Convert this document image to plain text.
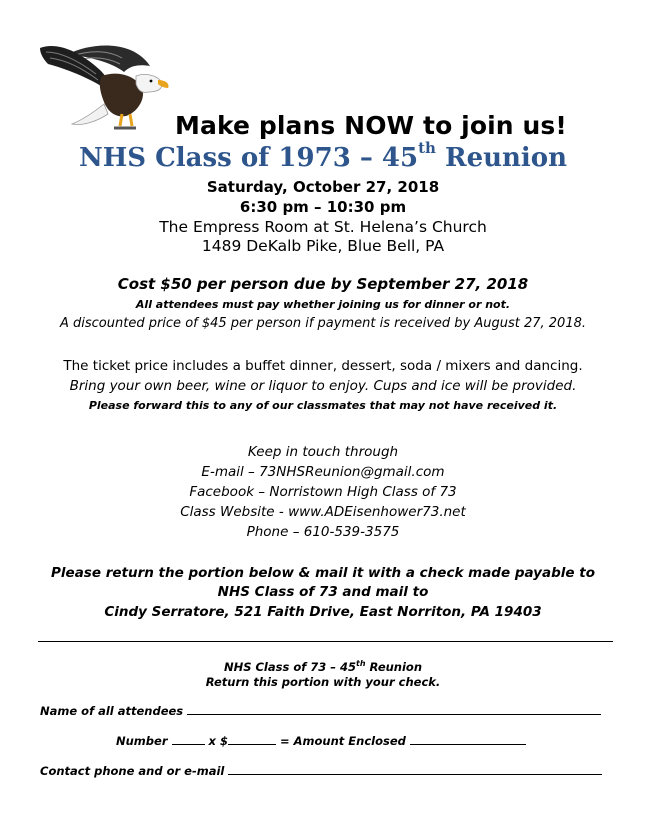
Make plans NOW to join us!
NHS Class of 1973 – 45th Reunion
Saturday, October 27, 2018
6:30 pm – 10:30 pm
The Empress Room at St. Helena’s Church
1489 DeKalb Pike, Blue Bell, PA
Cost $50 per person due by September 27, 2018
All attendees must pay whether joining us for dinner or not.
A discounted price of $45 per person if payment is received by August 27, 2018.
The ticket price includes a buffet dinner, dessert, soda / mixers and dancing.
Bring your own beer, wine or liquor to enjoy. Cups and ice will be provided.
Please forward this to any of our classmates that may not have received it.
Keep in touch through
E-mail – 73NHSReunion@gmail.com
Facebook – Norristown High Class of 73
Class Website - www.ADEisenhower73.net
Phone – 610-539-3575
Please return the portion below & mail it with a check made payable to
NHS Class of 73 and mail to
Cindy Serratore, 521 Faith Drive, East Norriton, PA 19403
NHS Class of 73 – 45th Reunion
Return this portion with your check.
Name of all attendees
Number	x $	= Amount Enclosed
Contact phone and or e-mail
